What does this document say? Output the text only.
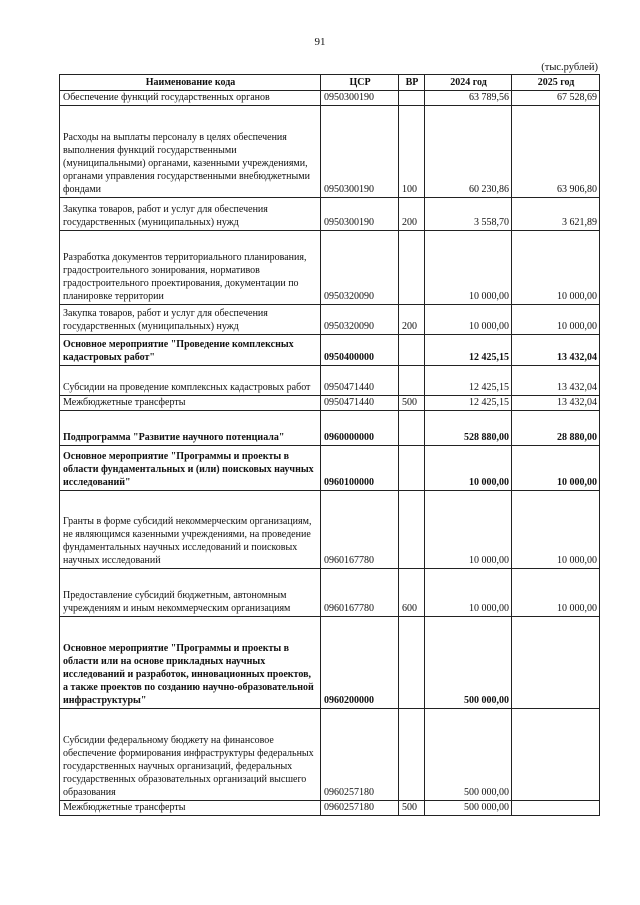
91
(тыс.рублей)
Наименование кода	ЦСР	ВР	2024 год	2025 год
Обеспечение функций государственных органов	0950300190		63 789,56	67 528,69
Расходы на выплаты персоналу в целях обеспечения выполнения функций государственными (муниципальными) органами, казенными учреждениями, органами управления государственными внебюджетными фондами	0950300190	100	60 230,86	63 906,80
Закупка товаров, работ и услуг для обеспечения государственных (муниципальных) нужд	0950300190	200	3 558,70	3 621,89
Разработка документов территориального планирования, градостроительного зонирования, нормативов градостроительного проектирования, документации по планировке территории	0950320090		10 000,00	10 000,00
Закупка товаров, работ и услуг для обеспечения государственных (муниципальных) нужд	0950320090	200	10 000,00	10 000,00
Основное мероприятие "Проведение комплексных кадастровых работ"	0950400000		12 425,15	13 432,04
Субсидии на проведение комплексных кадастровых работ	0950471440		12 425,15	13 432,04
Межбюджетные трансферты	0950471440	500	12 425,15	13 432,04
Подпрограмма "Развитие научного потенциала"	0960000000		528 880,00	28 880,00
Основное мероприятие "Программы и проекты в области фундаментальных и (или) поисковых научных исследований"	0960100000		10 000,00	10 000,00
Гранты в форме субсидий некоммерческим организациям, не являющимся казенными учреждениями, на проведение фундаментальных научных исследований и поисковых научных исследований	0960167780		10 000,00	10 000,00
Предоставление субсидий бюджетным, автономным учреждениям и иным некоммерческим организациям	0960167780	600	10 000,00	10 000,00
Основное мероприятие "Программы и проекты в области или на основе прикладных научных исследований и разработок, инновационных проектов, а также проектов по созданию научно-образовательной инфраструктуры"	0960200000		500 000,00	
Субсидии федеральному бюджету на финансовое обеспечение формирования инфраструктуры федеральных государственных научных организаций, федеральных государственных образовательных организаций высшего образования	0960257180		500 000,00	
Межбюджетные трансферты	0960257180	500	500 000,00	
